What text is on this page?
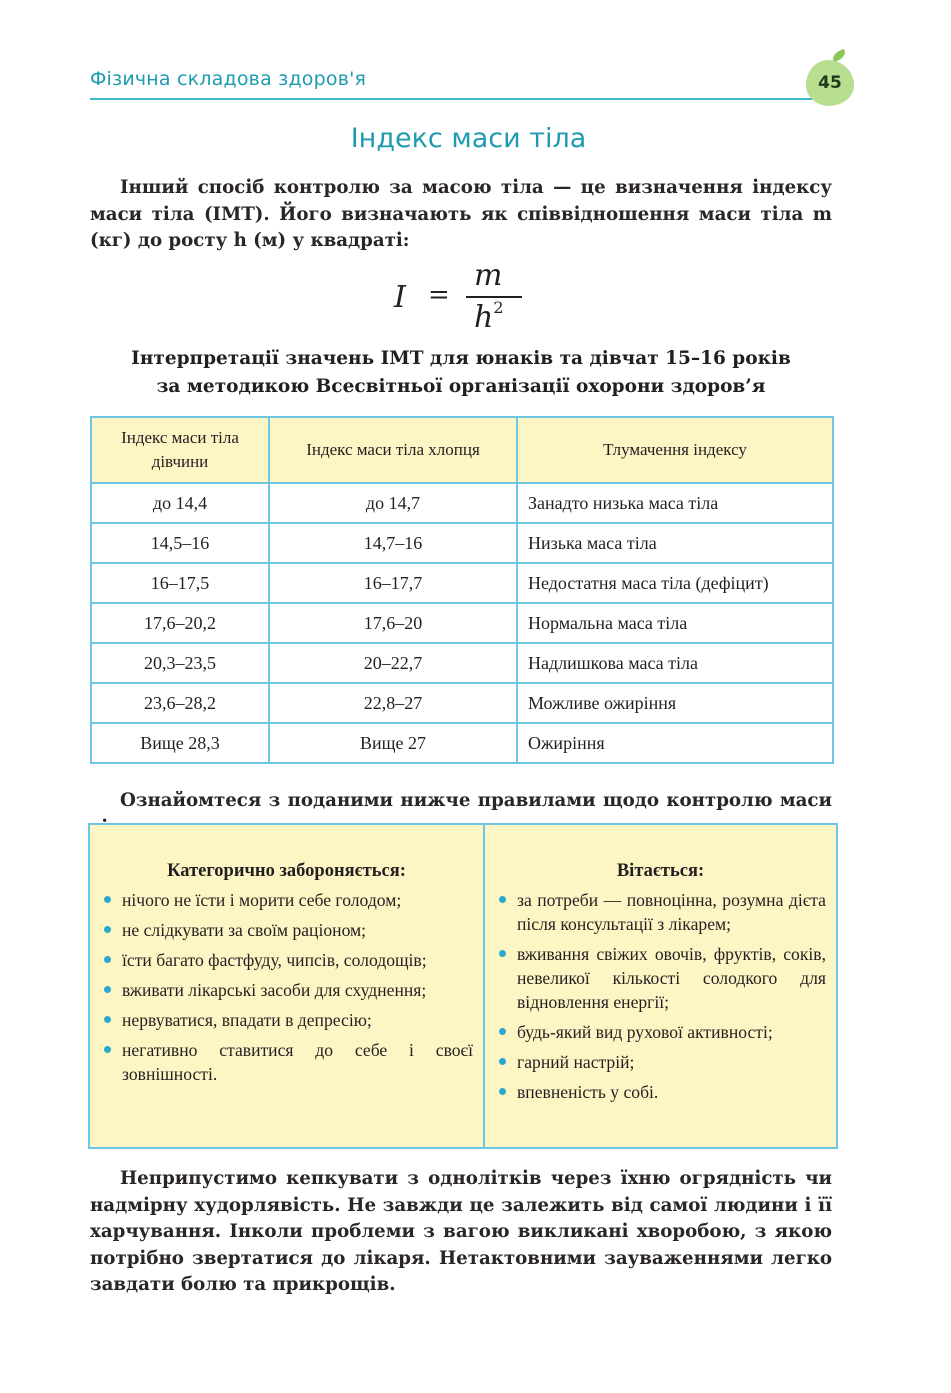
Фізична складова здоров'я	45
Індекс маси тіла

Інший спосіб контролю за масою тіла — це визначення індексу маси тіла (ІМТ). Його визначають як співвідношення маси тіла m (кг) до росту h (м) у квадраті:

I =
m
$h^2$
Інтерпретації значень ІМТ для юнаків та дівчат 15–16 років
за методикою Всесвітньої організації охорони здоров’я
Індекс маси тіла дівчини	Індекс маси тіла хлопця	Тлумачення індексу
до 14,4	до 14,7	Занадто низька маса тіла
14,5–16	14,7–16	Низька маса тіла
16–17,5	16–17,7	Недостатня маса тіла (дефіцит)
17,6–20,2	17,6–20	Нормальна маса тіла
20,3–23,5	20–22,7	Надлишкова маса тіла
23,6–28,2	22,8–27	Можливе ожиріння
Вище 28,3	Вище 27	Ожиріння

Ознайомтеся з поданими нижче правилами щодо контролю маси

Категорично забороняється:
нічого не їсти і морити себе голодом;
не слідкувати за своїм раціоном;
їсти багато фастфуду, чипсів, солодощів;
вживати лікарські засоби для схуднення;
нервуватися, впадати в депресію;
негативно ставитися до себе і своєї зовнішності.
Вітається:
за потреби — повноцінна, розумна дієта після консультації з лікарем;
вживання свіжих овочів, фруктів, соків, невеликої кількості солодкого для відновлення енергії;
будь-який вид рухової активності;
гарний настрій;
впевненість у собі.

Неприпустимо кепкувати з однолітків через їхню огрядність чи надмірну худорлявість. Не завжди це залежить від самої людини і її харчування. Інколи проблеми з вагою викликані хворобою, з якою потрібно звертатися до лікаря. Нетактовними зауваженнями легко завдати болю та прикрощів.
